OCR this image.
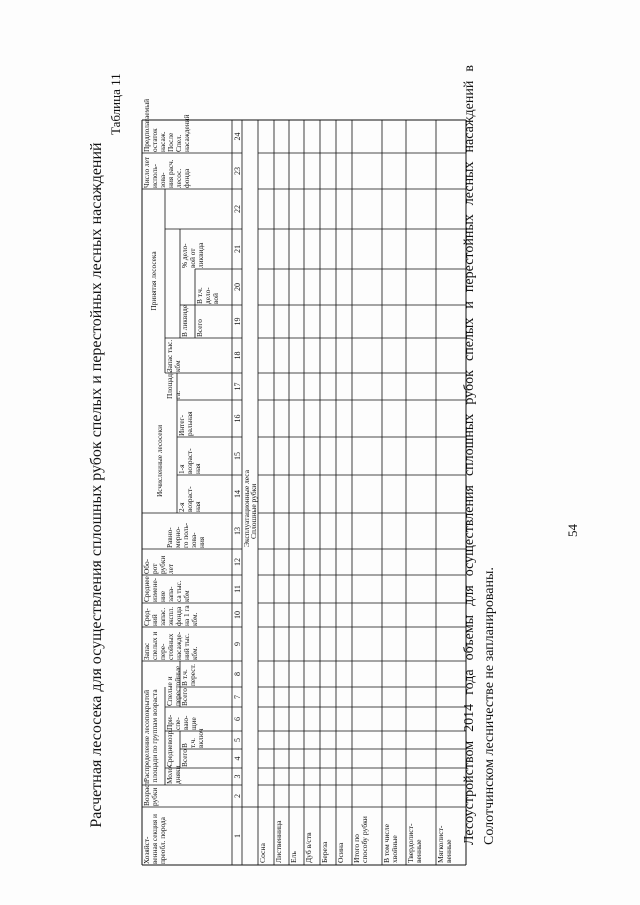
Расчетная лесосека для осуществления сплошных рубок спелых и перестойных лесных насаждений
Таблица 11
Хозяйст-
венная секция и преобл. порода
Возраст рубки
Распределение лесопокрытой площади по группам возраста Моло-
дняки
Средневозр. Всего
В т.ч. включ
При-
спе-
ваю-
щие
Спелые и перестойные
Всего
В т.ч. перест.
Запас спелых и пере-
стойных насажде-
ний тыс. кбм.
Сред-
ний запас. экспл. фонда на 1 га кбм.
Среднее измене-
ние запа-
са тыс. кбм
Обо-
рот рубки лет
Равно-
мерно-
го поль-
зова-
ния
Исчисленные лесосеки
2-я возраст-
ная
1-я возраст-
ная
Интег-
ральная
Площадь га.
Принятая лесосека
Запас тыс. кбм
В ликвиде Всего
В т.ч. дело-
вой
% дело-
вой от ликвида
Число лет исполь-
зова-
ния расч. лесос. фонда
Предполагаемый остаток насаж. После Спел. насаждений
1
2
3
4
5
6
7
8
9
10
11
12
13
14
15
16
17
18
19
20
21
22
23
24
Эксплуатационные леса
Сплошные рубки
Сосна Лиственница Ель Дуб в/ств Береза Осина Итого по способу рубки	В том числе хвойные Твердолист-
венные	Мягколист-
венные
Лесоустройством 2014 года объемы для осуществления сплошных рубок спелых и перестойных лесных насаждений в Солотчинском лесничестве не запланированы.
54
